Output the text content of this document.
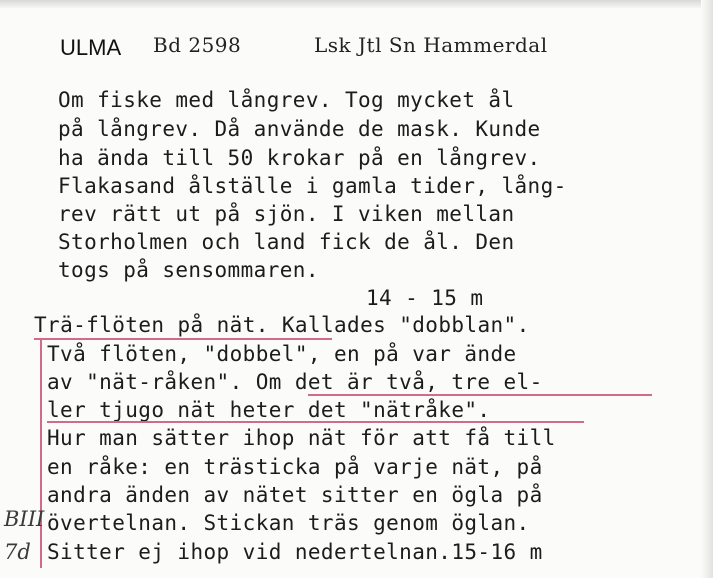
ULMA Bd 2598	Lsk Jtl Sn Hammerdal
Om fiske med långrev. Tog mycket ål
på långrev. Då använde de mask. Kunde
ha ända till 50 krokar på en långrev.
Flakasand ålställe i gamla tider, lång-
rev rätt ut på sjön. I viken mellan
Storholmen och land fick de ål. Den
togs på sensommaren.
14 - 15 m
Trä-flöten på nät. Kallades "dobblan".
Två flöten, "dobbel", en på var ände
av "nät-råken". Om det är två, tre el-
ler tjugo nät heter det "nätråke".
Hur man sätter ihop nät för att få till
en råke: en trästicka på varje nät, på
andra änden av nätet sitter en ögla på
övertelnan. Stickan träs genom öglan.
Sitter ej ihop vid nedertelnan.15-16 m
BIII
7d
